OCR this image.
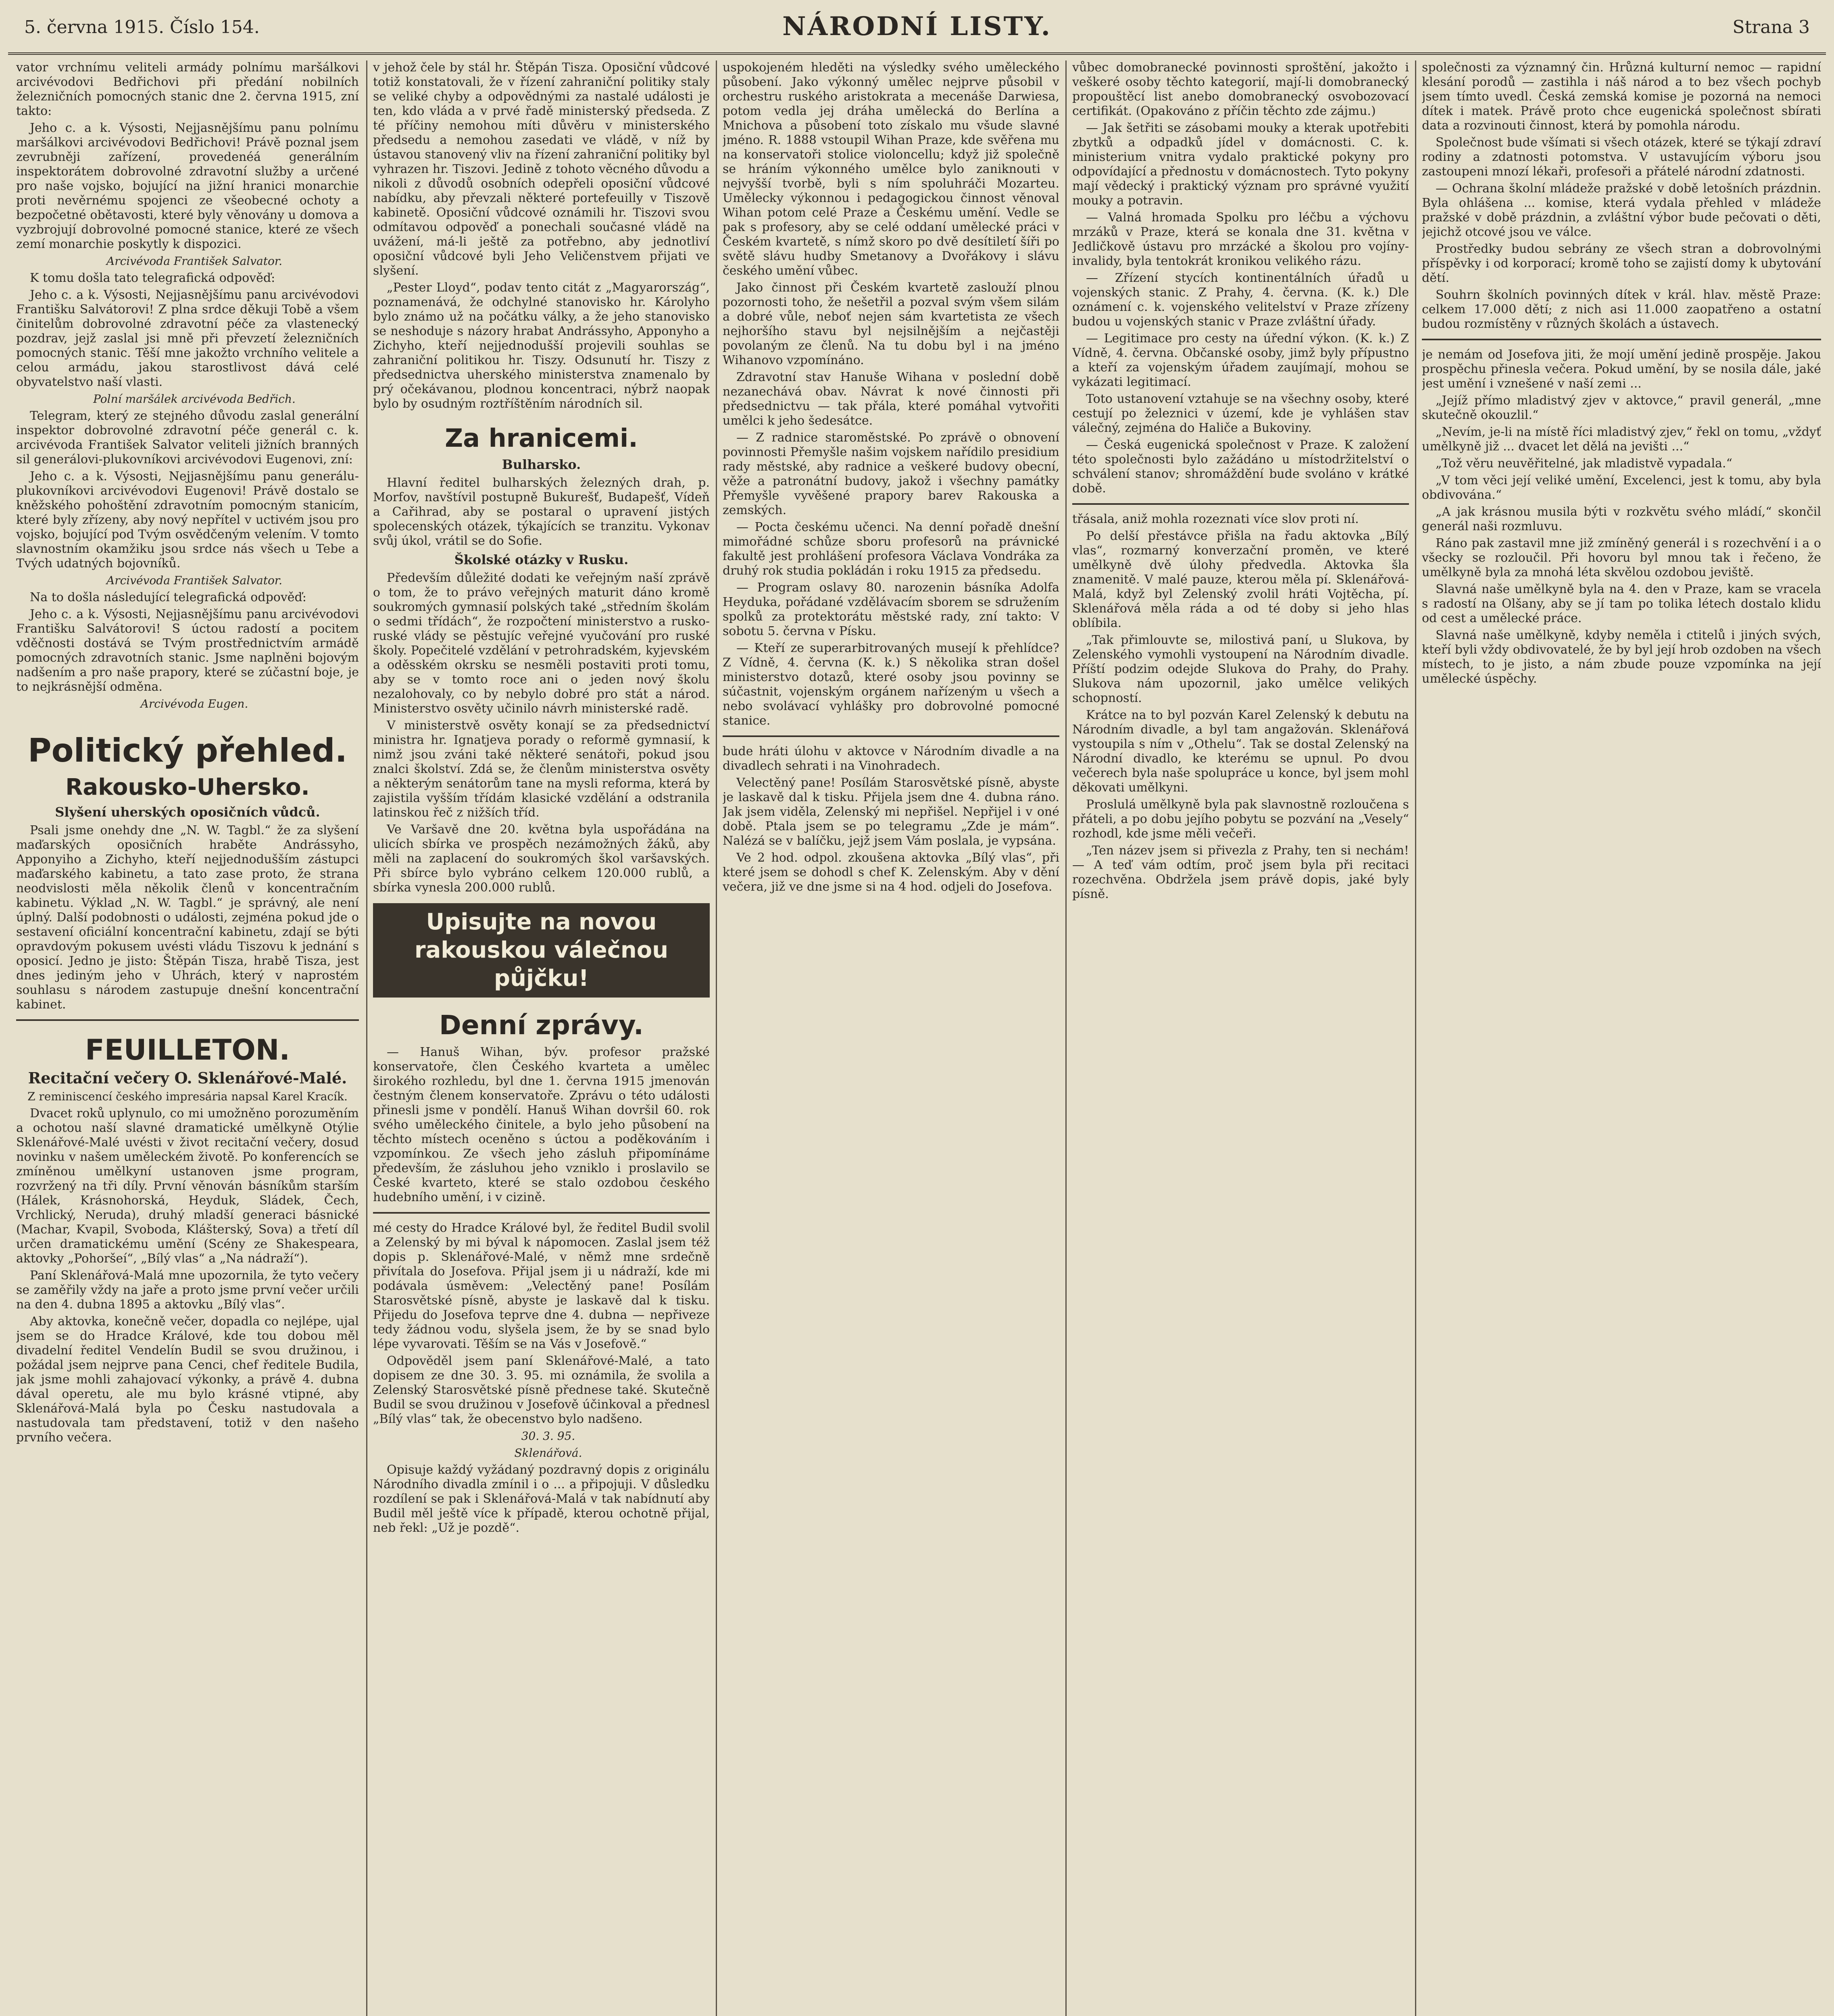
5. června 1915. Číslo 154.	NÁRODNÍ LISTY.	Strana 3

vator vrchnímu veliteli armády polnímu maršálkovi arcivévodovi Bedřichovi při předání nobilních železničních pomocných stanic dne 2. června 1915, zní takto:

Jeho c. a k. Výsosti, Nejjasnějšímu panu polnímu maršálkovi arcivévodovi Bedřichovi! Právě poznal jsem zevrubněji zařízení, provedenéá generálním inspektorátem dobrovolné zdravotní služby a určené pro naše vojsko, bojující na jižní hranici monarchie proti nevěrnému spojenci ze všeobecné ochoty a bezpočetné obětavosti, které byly věnovány u domova a vyzbrojují dobrovolné pomocné stanice, které ze všech zemí monarchie poskytly k dispozici.

Arcivévoda František Salvator.

K tomu došla tato telegrafická odpověď:

Jeho c. a k. Výsosti, Nejjasnějšímu panu arcivévodovi Františku Salvátorovi! Z plna srdce děkuji Tobě a všem činitelům dobrovolné zdravotní péče za vlastenecký pozdrav, jejž zaslal jsi mně při převzetí železničních pomocných stanic. Těší mne jakožto vrchního velitele a celou armádu, jakou starostlivost dává celé obyvatelstvo naší vlasti.

Polní maršálek arcivévoda Bedřich.

Telegram, který ze stejného důvodu zaslal generální inspektor dobrovolné zdravotní péče generál c. k. arcivévoda František Salvator veliteli jižních branných sil generálovi-plukovníkovi arcivévodovi Eugenovi, zní:

Jeho c. a k. Výsosti, Nejjasnějšímu panu generálu-plukovníkovi arcivévodovi Eugenovi! Právě dostalo se kněžského pohoštění zdravotním pomocným stanicím, které byly zřízeny, aby nový nepřítel v uctivém jsou pro vojsko, bojující pod Tvým osvědčeným velením. V tomto slavnostním okamžiku jsou srdce nás všech u Tebe a Tvých udatných bojovníků.

Arcivévoda František Salvator.

Na to došla následující telegrafická odpověď:

Jeho c. a k. Výsosti, Nejjasnějšímu panu arcivévodovi Františku Salvátorovi! S úctou radostí a pocitem vděčnosti dostává se Tvým prostřednictvím armádě pomocných zdravotních stanic. Jsme naplněni bojovým nadšením a pro naše prapory, které se zúčastní boje, je to nejkrásnější odměna.

Arcivévoda Eugen.

Politický přehled.
Rakousko-Uhersko.
Slyšení uherských oposičních vůdců.

Psali jsme onehdy dne „N. W. Tagbl.“ že za slyšení maďarských oposičních hraběte Andrássyho, Apponyiho a Zichyho, kteří nejjednodušším zástupci maďarského kabinetu, a tato zase proto, že strana neodvislosti měla několik členů v koncentračním kabinetu. Výklad „N. W. Tagbl.“ je správný, ale není úplný. Další podobnosti o události, zejména pokud jde o sestavení oficiální koncentrační kabinetu, zdají se býti opravdovým pokusem uvésti vládu Tiszovu k jednání s oposicí. Jedno je jisto: Štěpán Tisza, hrabě Tisza, jest dnes jediným jeho v Uhrách, který v naprostém souhlasu s národem zastupuje dnešní koncentrační kabinet.

FEUILLETON.
Recitační večery O. Sklenářové-Malé.
Z reminiscencí českého impresária napsal Karel Kracík.

Dvacet roků uplynulo, co mi umožněno porozuměním a ochotou naší slavné dramatické umělkyně Otýlie Sklenářové-Malé uvésti v život recitační večery, dosud novinku v našem uměleckém životě. Po konferencích se zmíněnou umělkyní ustanoven jsme program, rozvržený na tři díly. První věnován básníkům starším (Hálek, Krásnohorská, Heyduk, Sládek, Čech, Vrchlický, Neruda), druhý mladší generaci básnické (Machar, Kvapil, Svoboda, Klášterský, Sova) a třetí díl určen dramatickému umění (Scény ze Shakespeara, aktovky „Pohoršeí“, „Bílý vlas“ a „Na nádraží“).

Paní Sklenářová-Malá mne upozornila, že tyto večery se zaměřily vždy na jaře a proto jsme první večer určili na den 4. dubna 1895 a aktovku „Bílý vlas“.

Aby aktovka, konečně večer, dopadla co nejlépe, ujal jsem se do Hradce Králové, kde tou dobou měl divadelní ředitel Vendelín Budil se svou družinou, i požádal jsem nejprve pana Cenci, chef ředitele Budila, jak jsme mohli zahajovací výkonky, a právě 4. dubna dával operetu, ale mu bylo krásné vtipné, aby Sklenářová-Malá byla po Česku nastudovala a nastudovala tam představení, totiž v den našeho prvního večera.

v jehož čele by stál hr. Štěpán Tisza. Oposiční vůdcové totiž konstatovali, že v řízení zahraniční politiky staly se veliké chyby a odpovědnými za nastalé události je ten, kdo vláda a v prvé řadě ministerský předseda. Z té příčiny nemohou míti důvěru v ministerského předsedu a nemohou zasedati ve vládě, v níž by ústavou stanovený vliv na řízení zahraniční politiky byl vyhrazen hr. Tiszovi. Jedině z tohoto věcného důvodu a nikoli z důvodů osobních odepřeli oposiční vůdcové nabídku, aby převzali některé portefeuilly v Tiszově kabinetě. Oposiční vůdcové oznámili hr. Tiszovi svou odmítavou odpověď a ponechali současné vládě na uvážení, má-li ještě za potřebno, aby jednotliví oposiční vůdcové byli Jeho Veličenstvem přijati ve slyšení.

„Pester Lloyd“, podav tento citát z „Magyarország“, poznamenává, že odchylné stanovisko hr. Károlyho bylo známo už na počátku války, a že jeho stanovisko se neshoduje s názory hrabat Andrássyho, Apponyho a Zichyho, kteří nejjednodušší projevili souhlas se zahraniční politikou hr. Tiszy. Odsunutí hr. Tiszy z předsednictva uherského ministerstva znamenalo by prý očekávanou, plodnou koncentraci, nýbrž naopak bylo by osudným roztříštěním národních sil.

Za hranicemi.
Bulharsko.

Hlavní ředitel bulharských železných drah, p. Morfov, navštívil postupně Bukurešť, Budapešť, Vídeň a Cařihrad, aby se postaral o upravení jistých spolecenských otázek, týkajících se tranzitu. Vykonav svůj úkol, vrátil se do Sofie.

Školské otázky v Rusku.

Především důležité dodati ke veřejným naší zprávě o tom, že to právo veřejných maturit dáno kromě soukromých gymnasií polských také „středním školám o sedmi třídách“, že rozpočtení ministerstvo a rusko-ruské vlády se pěstujíc veřejné vyučování pro ruské školy. Popečitelé vzdělání v petrohradském, kyjevském a oděsském okrsku se nesměli postaviti proti tomu, aby se v tomto roce ani o jeden nový školu nezalohovaly, co by nebylo dobré pro stát a národ. Ministerstvo osvěty učinilo návrh ministerské radě.

V ministerstvě osvěty konají se za předsednictví ministra hr. Ignatjeva porady o reformě gymnasií, k nimž jsou zváni také některé senátoři, pokud jsou znalci školství. Zdá se, že členům ministerstva osvěty a některým senátorům tane na mysli reforma, která by zajistila vyšším třídám klasické vzdělání a odstranila latinskou řeč z nižších tříd.

Ve Varšavě dne 20. května byla uspořádána na ulicích sbírka ve prospěch nezámožných žáků, aby měli na zaplacení do soukromých škol varšavských. Při sbírce bylo vybráno celkem 120.000 rublů, a sbírka vynesla 200.000 rublů.

Upisujte na novou rakouskou válečnou půjčku!
Denní zprávy.

— Hanuš Wihan, býv. profesor pražské konservatoře, člen Českého kvarteta a umělec širokého rozhledu, byl dne 1. června 1915 jmenován čestným členem konservatoře. Zprávu o této události přinesli jsme v pondělí. Hanuš Wihan dovršil 60. rok svého uměleckého činitele, a bylo jeho působení na těchto místech oceněno s úctou a poděkováním i vzpomínkou. Ze všech jeho zásluh připomínáme především, že zásluhou jeho vzniklo i proslavilo se České kvarteto, které se stalo ozdobou českého hudebního umění, i v cizině.

mé cesty do Hradce Králové byl, že ředitel Budil svolil a Zelenský by mi býval k nápomocen. Zaslal jsem též dopis p. Sklenářové-Malé, v němž mne srdečně přivítala do Josefova. Přijal jsem ji u nádraží, kde mi podávala úsměvem: „Velectěný pane! Posílám Starosvětské písně, abyste je laskavě dal k tisku. Přijedu do Josefova teprve dne 4. dubna — nepřiveze tedy žádnou vodu, slyšela jsem, že by se snad bylo lépe vyvarovati. Těším se na Vás v Josefově.“

Odpověděl jsem paní Sklenářové-Malé, a tato dopisem ze dne 30. 3. 95. mi oznámila, že svolila a Zelenský Starosvětské písně přednese také. Skutečně Budil se svou družinou v Josefově účinkoval a přednesl „Bílý vlas“ tak, že obecenstvo bylo nadšeno.

30. 3. 95.

Sklenářová.

Opisuje každý vyžádaný pozdravný dopis z originálu Národního divadla zmínil i o ... a připojuji. V důsledku rozdílení se pak i Sklenářová-Malá v tak nabídnutí aby Budil měl ještě více k případě, kterou ochotně přijal, neb řekl: „Už je pozdě“.

uspokojeném hleděti na výsledky svého uměleckého působení. Jako výkonný umělec nejprve působil v orchestru ruského aristokrata a mecenáše Darwiesa, potom vedla jej dráha umělecká do Berlína a Mnichova a působení toto získalo mu všude slavné jméno. R. 1888 vstoupil Wihan Praze, kde svěřena mu na konservatoři stolice violoncellu; když již společně se hráním výkonného umělce bylo zaniknouti v nejvyšší tvorbě, byli s ním spoluhráči Mozarteu. Umělecky výkonnou i pedagogickou činnost věnoval Wihan potom celé Praze a Českému umění. Vedle se pak s profesory, aby se celé oddaní umělecké práci v Českém kvartetě, s nímž skoro po dvě desítiletí šíři po světě slávu hudby Smetanovy a Dvořákovy i slávu českého umění vůbec.

Jako činnost při Českém kvartetě zaslouží plnou pozornosti toho, že nešetřil a pozval svým všem silám a dobré vůle, neboť nejen sám kvartetista ze všech nejhoršího stavu byl nejsilnějším a nejčastěji povolaným ze členů. Na tu dobu byl i na jméno Wihanovo vzpomínáno.

Zdravotní stav Hanuše Wihana v poslední době nezanechává obav. Návrat k nové činnosti při předsednictvu — tak přála, které pomáhal vytvořiti umělci k jeho šedesátce.

— Z radnice staroměstské. Po zprávě o obnovení povinnosti Přemyšle našim vojskem nařídilo presidium rady městské, aby radnice a veškeré budovy obecní, věže a patronátní budovy, jakož i všechny památky Přemyšle vyvěšené prapory barev Rakouska a zemských.

— Pocta českému učenci. Na denní pořadě dnešní mimořádné schůze sboru profesorů na právnické fakultě jest prohlášení profesora Václava Vondráka za druhý rok studia pokládán i roku 1915 za předsedu.

— Program oslavy 80. narozenin básníka Adolfa Heyduka, pořádané vzdělávacím sborem se sdružením spolků za protektorátu městské rady, zní takto: V sobotu 5. června v Písku.

— Kteří ze superarbitrovaných musejí k přehlídce? Z Vídně, 4. června (K. k.) S několika stran došel ministerstvo dotazů, které osoby jsou povinny se súčastnit, vojenským orgánem nařízeným u všech a nebo svolávací vyhlášky pro dobrovolné pomocné stanice.

bude hráti úlohu v aktovce v Národním divadle a na divadlech sehrati i na Vinohradech.

Velectěný pane! Posílám Starosvětské písně, abyste je laskavě dal k tisku. Přijela jsem dne 4. dubna ráno. Jak jsem viděla, Zelenský mi nepřišel. Nepřijel i v oné době. Ptala jsem se po telegramu „Zde je mám“. Nalézá se v balíčku, jejž jsem Vám poslala, je vypsána.

Ve 2 hod. odpol. zkoušena aktovka „Bílý vlas“, při které jsem se dohodl s chef K. Zelenským. Aby v dění večera, již ve dne jsme si na 4 hod. odjeli do Josefova.

vůbec domobranecké povinnosti sproštění, jakožto i veškeré osoby těchto kategorií, mají-li domobranecký propouštěcí list anebo domobranecký osvobozovací certifikát. (Opakováno z příčin těchto zde zájmu.)

— Jak šetřiti se zásobami mouky a kterak upotřebiti zbytků a odpadků jídel v domácnosti. C. k. ministerium vnitra vydalo praktické pokyny pro odpovídající a přednostu v domácnostech. Tyto pokyny mají vědecký i praktický význam pro správné využití mouky a potravin.

— Valná hromada Spolku pro léčbu a výchovu mrzáků v Praze, která se konala dne 31. května v Jedličkově ústavu pro mrzácké a školou pro vojíny-invalidy, byla tentokrát kronikou velikého rázu.

— Zřízení stycích kontinentálních úřadů u vojenských stanic. Z Prahy, 4. června. (K. k.) Dle oznámení c. k. vojenského velitelství v Praze zřízeny budou u vojenských stanic v Praze zvláštní úřady.

— Legitimace pro cesty na úřední výkon. (K. k.) Z Vídně, 4. června. Občanské osoby, jimž byly přípustno a kteří za vojenským úřadem zaujímají, mohou se vykázati legitimací.

Toto ustanovení vztahuje se na všechny osoby, které cestují po železnici v území, kde je vyhlášen stav válečný, zejména do Haliče a Bukoviny.

— Česká eugenická společnost v Praze. K založení této společnosti bylo zažádáno u místodržitelství o schválení stanov; shromáždění bude svoláno v krátké době.

třásala, aniž mohla rozeznati více slov proti ní.

Po delší přestávce přišla na řadu aktovka „Bílý vlas“, rozmarný konverzační proměn, ve které umělkyně dvě úlohy předvedla. Aktovka šla znamenitě. V malé pauze, kterou měla pí. Sklenářová-Malá, když byl Zelenský zvolil hráti Vojtěcha, pí. Sklenářová měla ráda a od té doby si jeho hlas oblíbila.

„Tak přimlouvte se, milostivá paní, u Slukova, by Zelenského vymohli vystoupení na Národním divadle. Příští podzim odejde Slukova do Prahy, do Prahy. Slukova nám upozornil, jako umělce velikých schopností.

Krátce na to byl pozván Karel Zelenský k debutu na Národním divadle, a byl tam angažován. Sklenářová vystoupila s ním v „Othelu“. Tak se dostal Zelenský na Národní divadlo, ke kterému se upnul. Po dvou večerech byla naše spolupráce u konce, byl jsem mohl děkovati umělkyni.

Proslulá umělkyně byla pak slavnostně rozloučena s přáteli, a po dobu jejího pobytu se pozvání na „Vesely“ rozhodl, kde jsme měli večeři.

„Ten název jsem si přivezla z Prahy, ten si nechám! — A teď vám odtím, proč jsem byla při recitaci rozechvěna. Obdržela jsem právě dopis, jaké byly písně.

společnosti za významný čin. Hrůzná kulturní nemoc — rapidní klesání porodů — zastihla i náš národ a to bez všech pochyb jsem tímto uvedl. Česká zemská komise je pozorná na nemoci dítek i matek. Právě proto chce eugenická společnost sbírati data a rozvinouti činnost, která by pomohla národu.

Společnost bude všímati si všech otázek, které se týkají zdraví rodiny a zdatnosti potomstva. V ustavujícím výboru jsou zastoupeni mnozí lékaři, profesoři a přátelé národní zdatnosti.

— Ochrana školní mládeže pražské v době letošních prázdnin. Byla ohlášena ... komise, která vydala přehled v mládeže pražské v době prázdnin, a zvláštní výbor bude pečovati o děti, jejichž otcové jsou ve válce.

Prostředky budou sebrány ze všech stran a dobrovolnými příspěvky i od korporací; kromě toho se zajistí domy k ubytování dětí.

Souhrn školních povinných dítek v král. hlav. městě Praze: celkem 17.000 dětí; z nich asi 11.000 zaopatřeno a ostatní budou rozmístěny v různých školách a ústavech.

je nemám od Josefova jiti, že mojí umění jedině prospěje. Jakou prospěchu přinesla večera. Pokud umění, by se nosila dále, jaké jest umění i vznešené v naší zemi ...

„Jejíž přímo mladistvý zjev v aktovce,“ pravil generál, „mne skutečně okouzlil.“

„Nevím, je-li na místě říci mladistvý zjev,“ řekl on tomu, „vždyť umělkyně již ... dvacet let dělá na jevišti ...“

„Tož věru neuvěřitelné, jak mladistvě vypadala.“

„V tom věci její veliké umění, Excelenci, jest k tomu, aby byla obdivována.“

„A jak krásnou musila býti v rozkvětu svého mládí,“ skončil generál naši rozmluvu.

Ráno pak zastavil mne již zmíněný generál i s rozechvění i a o všecky se rozloučil. Při hovoru byl mnou tak i řečeno, že umělkyně byla za mnohá léta skvělou ozdobou jeviště.

Slavná naše umělkyně byla na 4. den v Praze, kam se vracela s radostí na Olšany, aby se jí tam po tolika létech dostalo klidu od cest a umělecké práce.

Slavná naše umělkyně, kdyby neměla i ctitelů i jiných svých, kteří byli vždy obdivovatelé, že by byl její hrob ozdoben na všech místech, to je jisto, a nám zbude pouze vzpomínka na její umělecké úspěchy.
